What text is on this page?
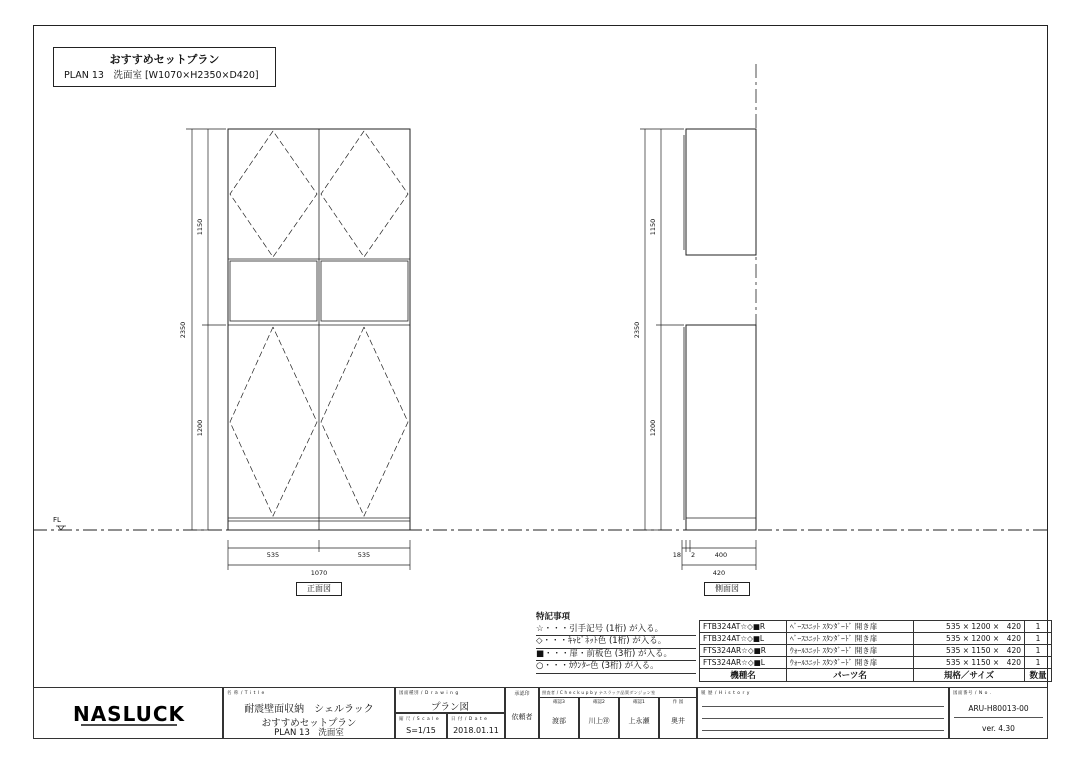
おすすめセットプラン
PLAN 13　洗面室 [W1070×H2350×D420]
2350
1150
1200
535	535
1070
2350
1150
1200
18 2	400
420
FL
正面図	側面図
特記事項
☆・・・引手記号 (1桁) が入る。
◇・・・ｷｬﾋﾞﾈｯﾄ色 (1桁) が入る。
■・・・扉・前板色 (3桁) が入る。
○・・・ｶｳﾝﾀｰ色 (3桁) が入る。
FTB324AT☆◇■R	ﾍﾞｰｽﾕﾆｯﾄ ｽﾀﾝﾀﾞｰﾄﾞ 開き扉	535 × 1200 ×　420	1
FTB324AT☆◇■L	ﾍﾞｰｽﾕﾆｯﾄ ｽﾀﾝﾀﾞｰﾄﾞ 開き扉	535 × 1200 ×　420	1
FTS324AR☆◇■R	ｳｫｰﾙﾕﾆｯﾄ ｽﾀﾝﾀﾞｰﾄﾞ 開き扉	535 × 1150 ×　420	1
FTS324AR☆◇■L	ｳｫｰﾙﾕﾆｯﾄ ｽﾀﾝﾀﾞｰﾄﾞ 開き扉	535 × 1150 ×　420	1
機種名	パーツ名	規格／サイズ	数量
NASLUCK
名 称 / T i t l e
耐震壁面収納　シェルラック
おすすめセットプラン
PLAN 13　洗面室
図面種別 / D r a w i n g
プラン図
縮 尺 / S c a l e
S=1/15
日 付 / D a t e
2018.01.11
承認印
依頼者
照査者 / C h e c k u p b y ナスラック品質ダンジョン室
確認3
渡部
確認2
川上㊞
確認1
上永瀬
作 図
奥井
履 歴 / H i s t o r y	図面番号 / N o .
ARU-H80013-00
ver. 4.30
